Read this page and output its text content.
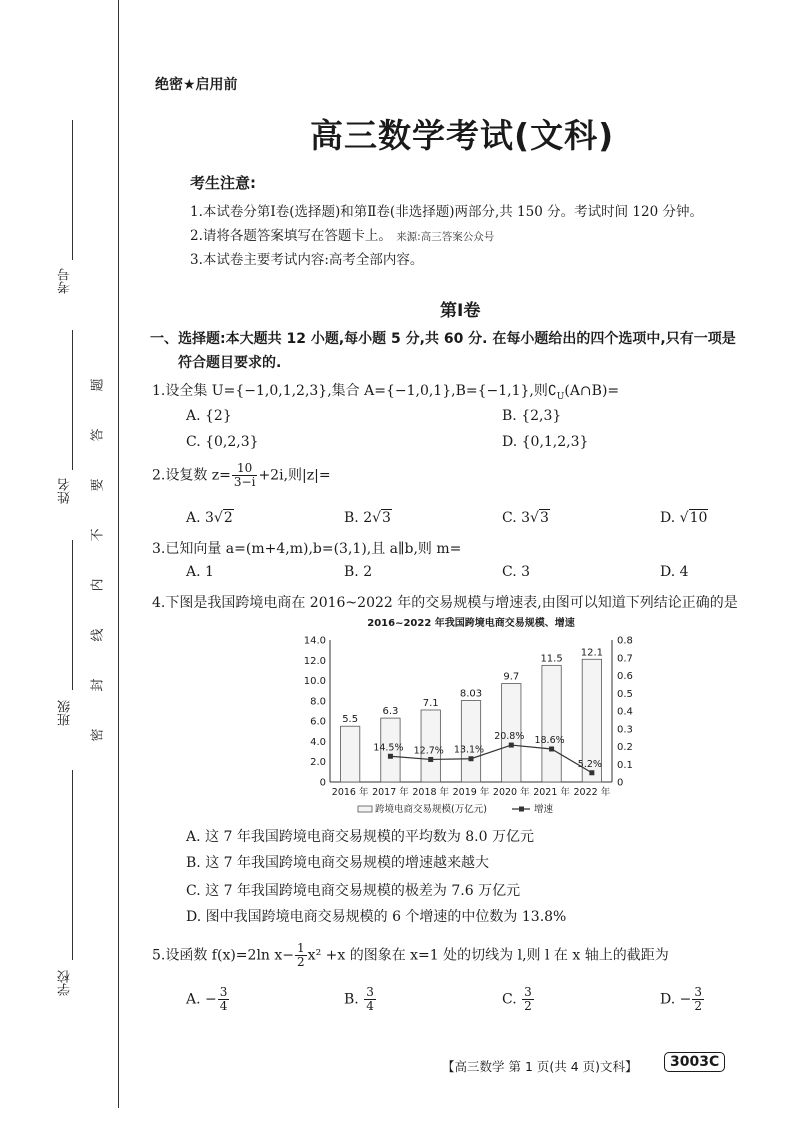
考号
姓名
班级
学校
题
答
要
不
内
线
封
密
绝密★启用前
高三数学考试(文科)
考生注意:
1.本试卷分第Ⅰ卷(选择题)和第Ⅱ卷(非选择题)两部分,共 150 分。考试时间 120 分钟。
2.请将各题答案填写在答题卡上。 来源:高三答案公众号
3.本试卷主要考试内容:高考全部内容。
第Ⅰ卷
一、选择题:本大题共 12 小题,每小题 5 分,共 60 分. 在每小题给出的四个选项中,只有一项是
符合题目要求的.
1.设全集 U={−1,0,1,2,3},集合 A={−1,0,1},B={−1,1},则$∁_U(A\cap B)=$
A. {2}	B. {2,3}
C. {0,2,3}	D. {0,1,2,3}
2.设复数 $z= \frac{10}{3-i} +2i$,则|z|=
A. 3√2	B. 2√3	C. 3√3	D. √10
3.已知向量 a=(m+4,m),b=(3,1),且 a∥b,则 m=
A. 1	B. 2	C. 3	D. 4
4.下图是我国跨境电商在 2016~2022 年的交易规模与增速表,由图可以知道下列结论正确的是
2016~2022 年我国跨境电商交易规模、增速
0
2.0
4.0
6.0
8.0
10.0
12.0
14.0
0
0.1
0.2
0.3
0.4
0.5
0.6
0.7
0.8
5.5
6.3
7.1
8.03
9.7
11.5
12.1
2016 年 2017 年 2018 年 2019 年 2020 年 2021 年 2022 年
14.5% 12.7% 13.1%
20.8% 18.6%
5.2%
跨境电商交易规模(万亿元)	增速
A. 这 7 年我国跨境电商交易规模的平均数为 8.0 万亿元
B. 这 7 年我国跨境电商交易规模的增速越来越大
C. 这 7 年我国跨境电商交易规模的极差为 7.6 万亿元
D. 图中我国跨境电商交易规模的 6 个增速的中位数为 13.8%
5.设函数 f(x)=2ln $x- \frac{1}{2} x^2 +x$ 的图象在 x=1 处的切线为 l,则 l 在 x 轴上的截距为
A. − $\frac{3}{4}$	B. $\frac{3}{4}$	C. $\frac{3}{2}$	D. − $\frac{3}{2}$
【高三数学 第 1 页(共 4 页)文科】	3003C
